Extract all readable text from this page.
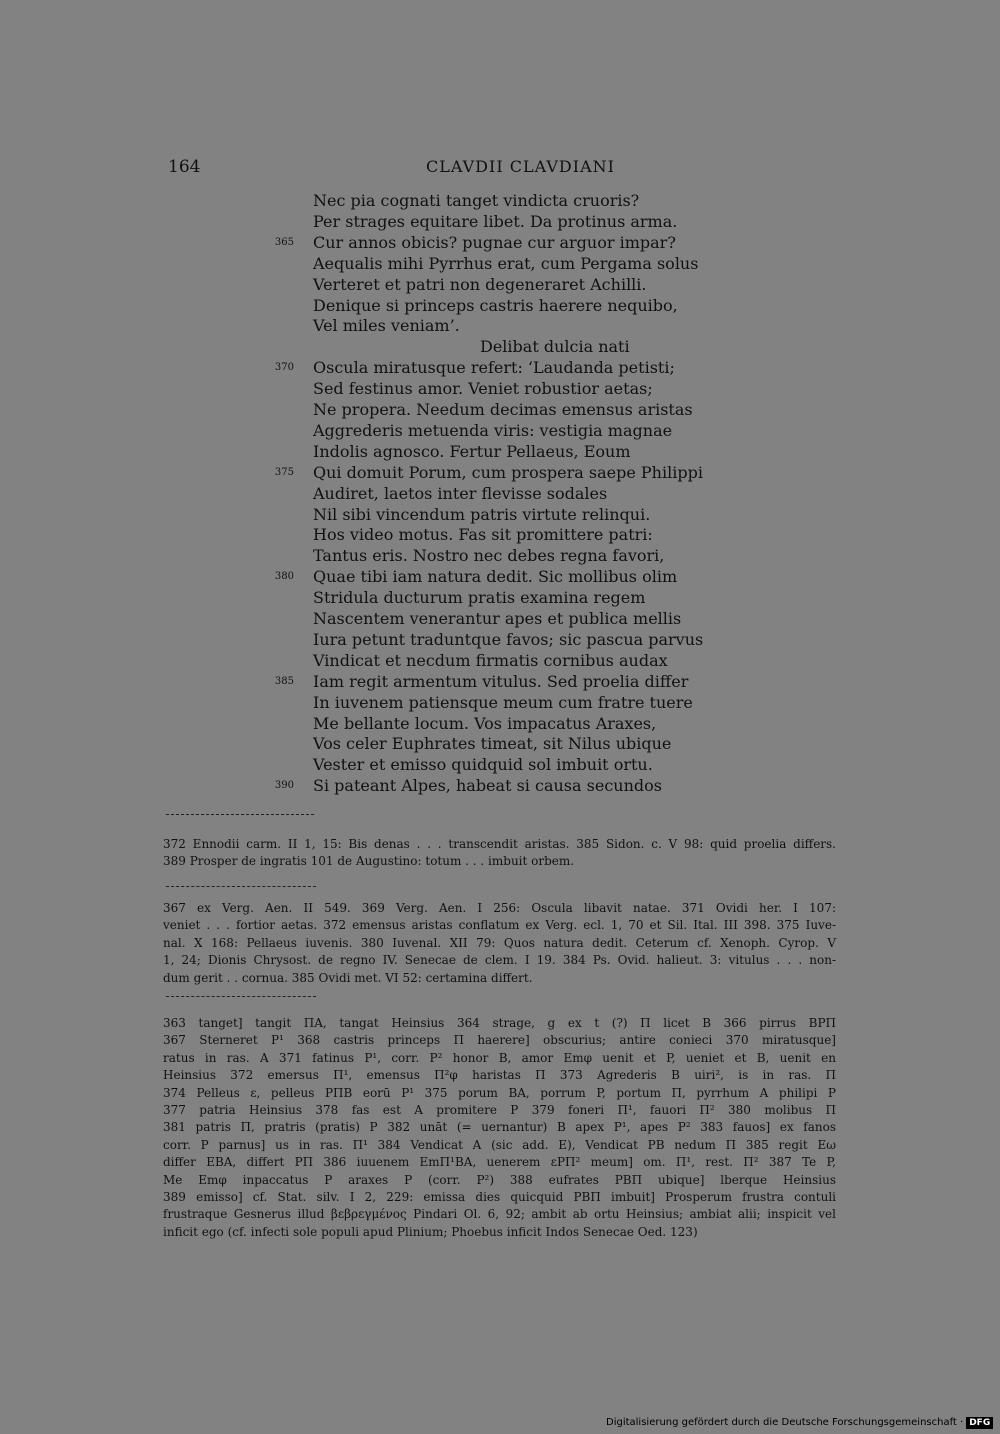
164	CLAVDII CLAVDIANI
Nec pia cognati tanget vindicta cruoris?
Per strages equitare libet. Da protinus arma.
365 Cur annos obicis? pugnae cur arguor impar?
Aequalis mihi Pyrrhus erat, cum Pergama solus
Verteret et patri non degeneraret Achilli.
Denique si princeps castris haerere nequibo,
Vel miles veniam’.
Delibat dulcia nati
370 Oscula miratusque refert: ‘Laudanda petisti;
Sed festinus amor. Veniet robustior aetas;
Ne propera. Needum decimas emensus aristas
Aggrederis metuenda viris: vestigia magnae
Indolis agnosco. Fertur Pellaeus, Eoum
375 Qui domuit Porum, cum prospera saepe Philippi
Audiret, laetos inter flevisse sodales
Nil sibi vincendum patris virtute relinqui.
Hos video motus. Fas sit promittere patri:
Tantus eris. Nostro nec debes regna favori,
380 Quae tibi iam natura dedit. Sic mollibus olim
Stridula ducturum pratis examina regem
Nascentem venerantur apes et publica mellis
Iura petunt traduntque favos; sic pascua parvus
Vindicat et necdum firmatis cornibus audax
385 Iam regit armentum vitulus. Sed proelia differ
In iuvenem patiensque meum cum fratre tuere
Me bellante locum. Vos impacatus Araxes,
Vos celer Euphrates timeat, sit Nilus ubique
Vester et emisso quidquid sol imbuit ortu.
390 Si pateant Alpes, habeat si causa secundos
372 Ennodii carm. II 1, 15: Bis denas . . . transcendit aristas. 385 Sidon. c. V 98: quid proelia differs.
389 Prosper de ingratis 101 de Augustino: totum . . . imbuit orbem.
367 ex Verg. Aen. II 549. 369 Verg. Aen. I 256: Oscula libavit natae. 371 Ovidi her. I 107:
veniet . . . fortior aetas. 372 emensus aristas conflatum ex Verg. ecl. 1, 70 et Sil. Ital. III 398. 375 Iuve-
nal. X 168: Pellaeus iuvenis. 380 Iuvenal. XII 79: Quos natura dedit. Ceterum cf. Xenoph. Cyrop. V
1, 24; Dionis Chrysost. de regno IV. Senecae de clem. I 19. 384 Ps. Ovid. halieut. 3: vitulus . . . non-
dum gerit . . cornua. 385 Ovidi met. VI 52: certamina differt.
363 tanget] tangit ΠA, tangat Heinsius 364 strage, g ex t (?) Π licet B 366 pirrus BPΠ
367 Sterneret P¹ 368 castris princeps Π haerere] obscurius; antire conieci 370 miratusque]
ratus in ras. A 371 fatinus P¹, corr. P² honor B, amor Emφ uenit et P, ueniet et B, uenit en
Heinsius 372 emersus Π¹, emensus Π²φ haristas Π 373 Agrederis B uiri², is in ras. Π
374 Pelleus ε, pelleus PΠB eorū P¹ 375 porum BA, porrum P, portum Π, pyrrhum A philipi P
377 patria Heinsius 378 fas est A promitere P 379 foneri Π¹, fauori Π² 380 molibus Π
381 patris Π, pratris (pratis) P 382 unāt (= uernantur) B apex P¹, apes P² 383 fauos] ex fanos
corr. P parnus] us in ras. Π¹ 384 Vendicat A (sic add. E), Vendicat PB nedum Π 385 regit Eω
differ EBA, differt PΠ 386 iuuenem EmΠ¹BA, uenerem εPΠ² meum] om. Π¹, rest. Π² 387 Te P,
Me Emφ inpaccatus P araxes P (corr. P²) 388 eufrates PBΠ ubique] lberque Heinsius
389 emisso] cf. Stat. silv. I 2, 229: emissa dies quicquid PBΠ imbuit] Prosperum frustra contuli
frustraque Gesnerus illud βεβρεγμένος Pindari Ol. 6, 92; ambit ab ortu Heinsius; ambiat alii; inspicit vel
inficit ego (cf. infecti sole populi apud Plinium; Phoebus inficit Indos Senecae Oed. 123)
Digitalisierung gefördert durch die Deutsche Forschungsgemeinschaft · DFG
